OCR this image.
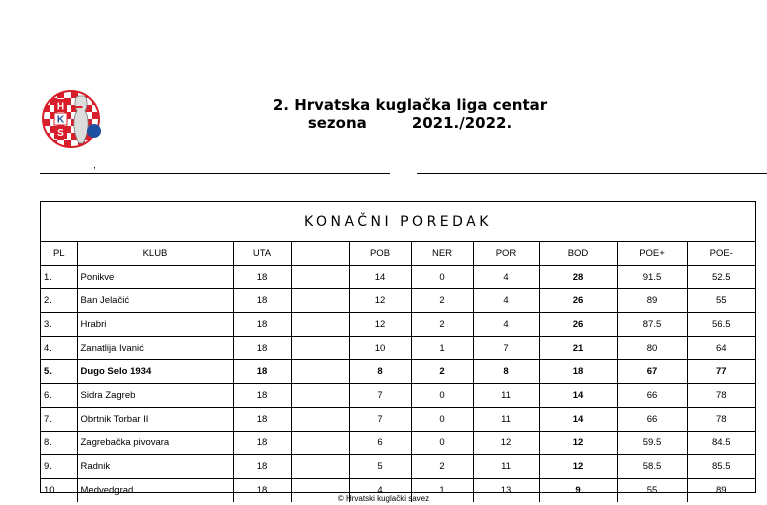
H
K
S
2. Hrvatska kuglačka liga centar

sezona	2021./2022.
,
KONAČNI POREDAK
PL	KLUB	UTA		POB	NER	POR	BOD	POE+	POE-
1.	Ponikve	18		14	0	4	28	91.5	52.5
2.	Ban Jelačić	18		12	2	4	26	89	55
3.	Hrabri	18		12	2	4	26	87.5	56.5
4.	Zanatlija Ivanić	18		10	1	7	21	80	64
5.	Dugo Selo 1934	18		8	2	8	18	67	77
6.	Sidra Zagreb	18		7	0	11	14	66	78
7.	Obrtnik Torbar II	18		7	0	11	14	66	78
8.	Zagrebačka pivovara	18		6	0	12	12	59.5	84.5
9.	Radnik	18		5	2	11	12	58.5	85.5
10.	Medvedgrad	18		4	1	13	9	55	89
© Hrvatski kuglački savez
